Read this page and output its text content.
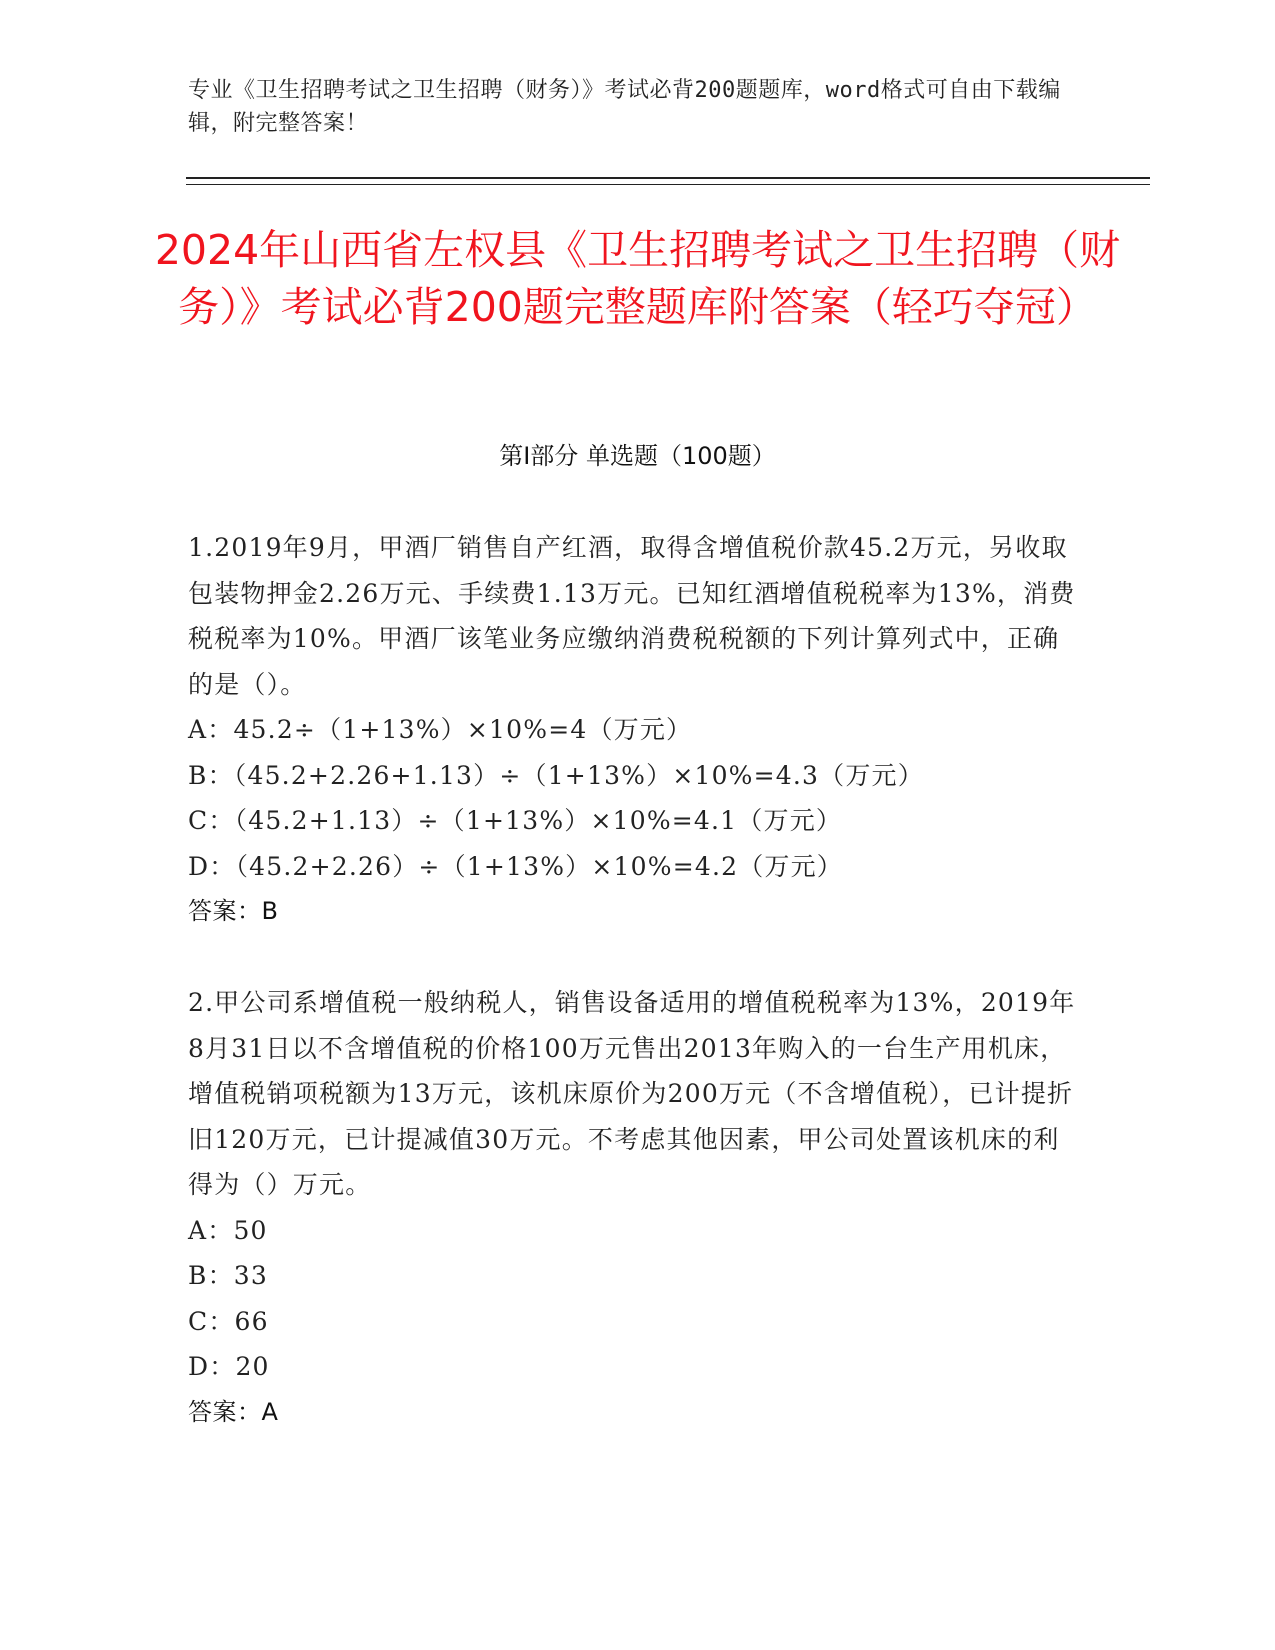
专业《卫生招聘考试之卫生招聘（财务）》考试必背200题题库，word格式可自由下载编辑，附完整答案！
2024年山西省左权县《卫生招聘考试之卫生招聘（财务）》考试必背200题完整题库附答案（轻巧夺冠）
第Ⅰ部分 单选题（100题）

1.2019年9月，甲酒厂销售自产红酒，取得含增值税价款45.2万元，另收取包装物押金2.26万元、手续费1.13万元。已知红酒增值税税率为13%，消费税税率为10%。甲酒厂该笔业务应缴纳消费税税额的下列计算列式中，正确的是（）。

A：45.2÷（1+13%）×10%=4（万元）

B：（45.2+2.26+1.13）÷（1+13%）×10%=4.3（万元）

C：（45.2+1.13）÷（1+13%）×10%=4.1（万元）

D：（45.2+2.26）÷（1+13%）×10%=4.2（万元）

答案：B

2.甲公司系增值税一般纳税人，销售设备适用的增值税税率为13%，2019年8月31日以不含增值税的价格100万元售出2013年购入的一台生产用机床，增值税销项税额为13万元，该机床原价为200万元（不含增值税），已计提折旧120万元，已计提减值30万元。不考虑其他因素，甲公司处置该机床的利得为（）万元。

A：50

B：33

C：66

D：20

答案：A
